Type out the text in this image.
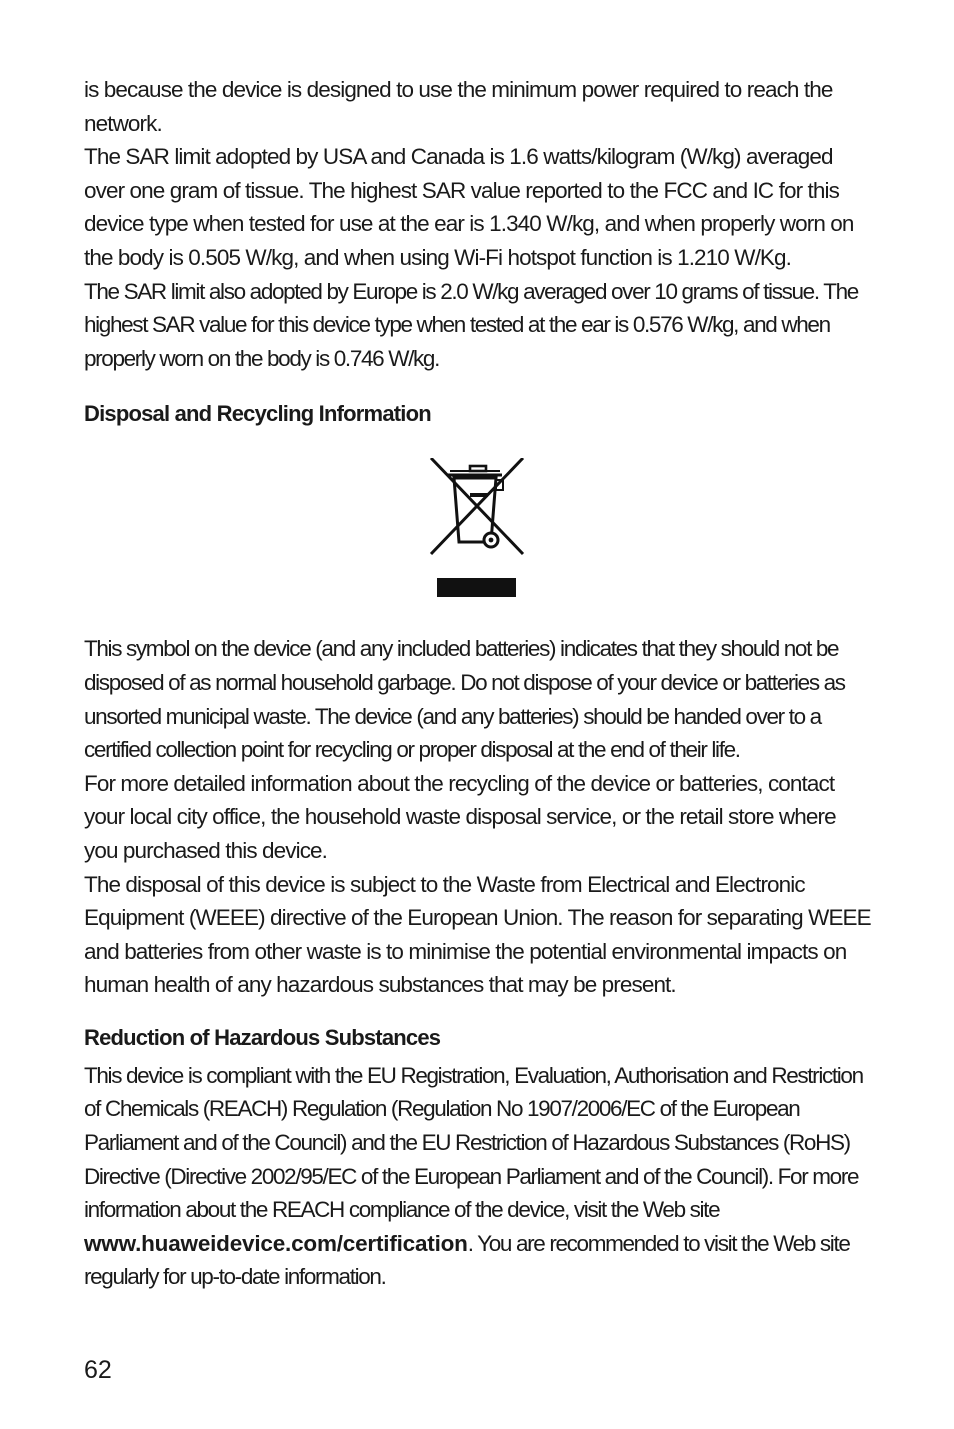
is because the device is designed to use the minimum power required to reach the network.

The SAR limit adopted by USA and Canada is 1.6 watts/kilogram (W/kg) averaged over one gram of tissue. The highest SAR value reported to the FCC and IC for this device type when tested for use at the ear is 1.340 W/kg, and when properly worn on the body is 0.505 W/kg, and when using Wi-Fi hotspot function is 1.210 W/Kg.

The SAR limit also adopted by Europe is 2.0 W/kg averaged over 10 grams of tissue. The highest SAR value for this device type when tested at the ear is 0.576 W/kg, and when properly worn on the body is 0.746 W/kg.

Disposal and Recycling Information

This symbol on the device (and any included batteries) indicates that they should not be disposed of as normal household garbage. Do not dispose of your device or batteries as unsorted municipal waste. The device (and any batteries) should be handed over to a certified collection point for recycling or proper disposal at the end of their life.

For more detailed information about the recycling of the device or batteries, contact your local city office, the household waste disposal service, or the retail store where you purchased this device.

The disposal of this device is subject to the Waste from Electrical and Electronic Equipment (WEEE) directive of the European Union. The reason for separating WEEE and batteries from other waste is to minimise the potential environmental impacts on human health of any hazardous substances that may be present.

Reduction of Hazardous Substances

This device is compliant with the EU Registration, Evaluation, Authorisation and Restriction of Chemicals (REACH) Regulation (Regulation No 1907/2006/EC of the European Parliament and of the Council) and the EU Restriction of Hazardous Substances (RoHS) Directive (Directive 2002/95/EC of the European Parliament and of the Council). For more information about the REACH compliance of the device, visit the Web site www.huaweidevice.com/certification. You are recommended to visit the Web site regularly for up-to-date information.

62
